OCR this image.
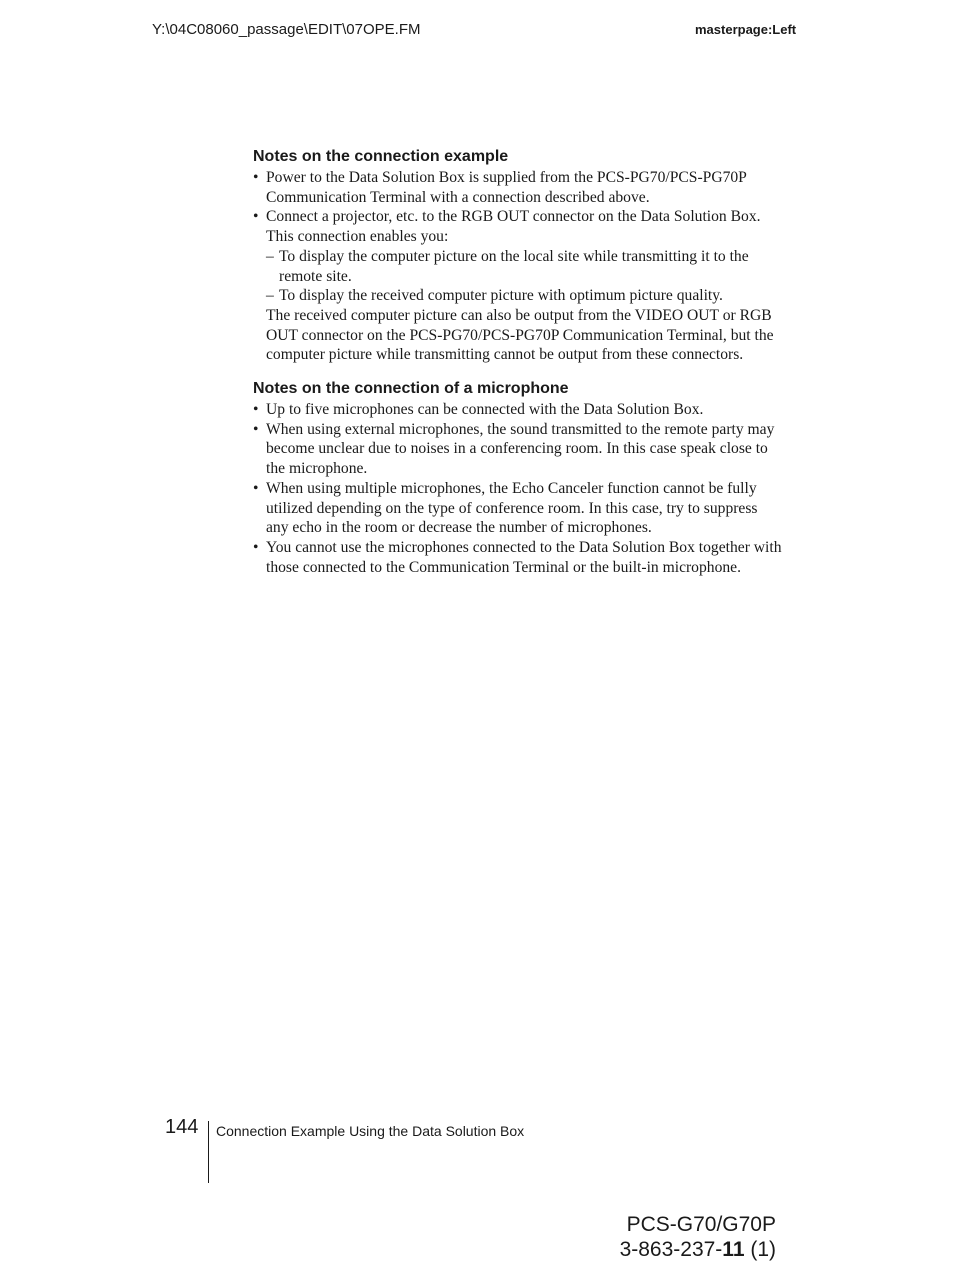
Y:\04C08060_passage\EDIT\07OPE.FM	masterpage:Left
Notes on the connection example
• Power to the Data Solution Box is supplied from the PCS-PG70/PCS-PG70P Communication Terminal with a connection described above.

• Connect a projector, etc. to the RGB OUT connector on the Data Solution Box.

This connection enables you:

– To display the computer picture on the local site while transmitting it to the remote site.
– To display the received computer picture with optimum picture quality.

The received computer picture can also be output from the VIDEO OUT or RGB OUT connector on the PCS-PG70/PCS-PG70P Communication Terminal, but the computer picture while transmitting cannot be output from these connectors.

Notes on the connection of a microphone
• Up to five microphones can be connected with the Data Solution Box.
• When using external microphones, the sound transmitted to the remote party may become unclear due to noises in a conferencing room. In this case speak close to the microphone.
• When using multiple microphones, the Echo Canceler function cannot be fully utilized depending on the type of conference room. In this case, try to suppress any echo in the room or decrease the number of microphones.
• You cannot use the microphones connected to the Data Solution Box together with those connected to the Communication Terminal or the built-in microphone.
144 Connection Example Using the Data Solution Box
PCS-G70/G70P
3-863-237-11 (1)
